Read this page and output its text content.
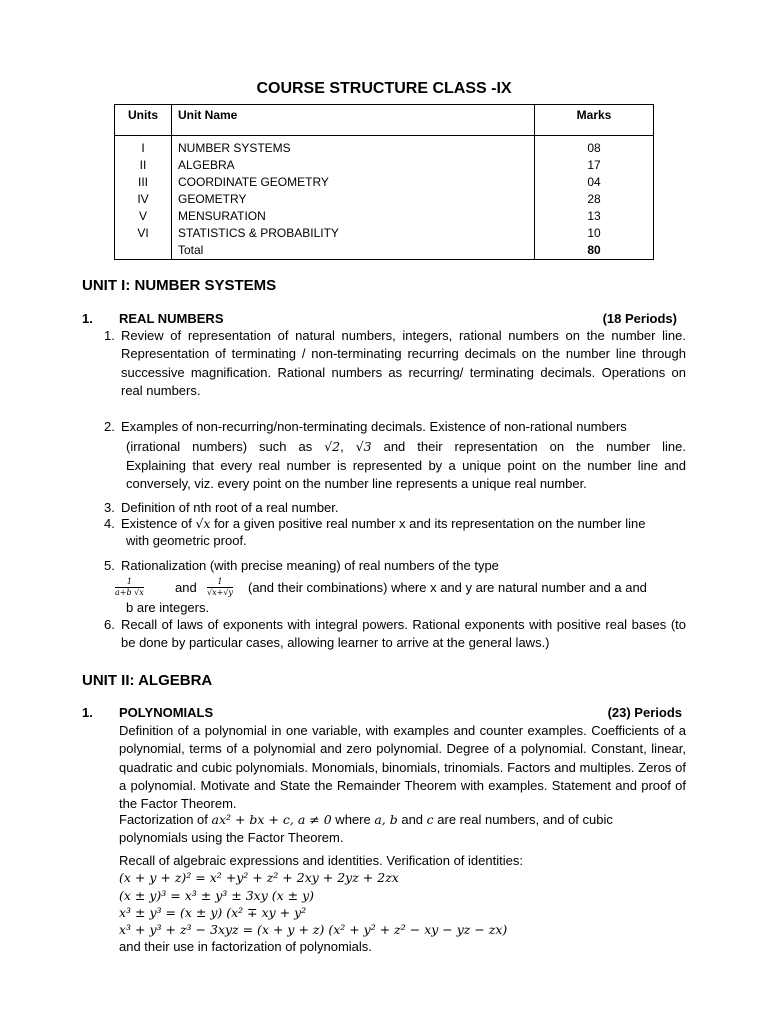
COURSE STRUCTURE CLASS -IX
Units	Unit Name	Marks
I	NUMBER SYSTEMS	08
II	ALGEBRA	17
III	COORDINATE GEOMETRY	04
IV	GEOMETRY	28
V	MENSURATION	13
VI	STATISTICS & PROBABILITY	10
	Total	80
UNIT I: NUMBER SYSTEMS
1. REAL NUMBERS	(18 Periods)
1. Review of representation of natural numbers, integers, rational numbers on the number line. Representation of terminating / non-terminating recurring decimals on the number line through successive magnification. Rational numbers as recurring/ terminating decimals. Operations on real numbers.
2. Examples of non-recurring/non-terminating decimals. Existence of non-rational numbers
(irrational numbers) such as √2, √3 and their representation on the number line.
Explaining that every real number is represented by a unique point on the number line and conversely, viz. every point on the number line represents a unique real number.
3. Definition of nth root of a real number.
4. Existence of √x for a given positive real number x and its representation on the number line
with geometric proof.
5. Rationalization (with precise meaning) of real numbers of the type
$\frac{1}{a+b √x}$ and $\frac{1}{√x+√y} (and$ their combinations) where x and y are natural number and a and
b are integers.
6. Recall of laws of exponents with integral powers. Rational exponents with positive real bases (to be done by particular cases, allowing learner to arrive at the general laws.)
UNIT II: ALGEBRA
1. POLYNOMIALS	(23) Periods
Definition of a polynomial in one variable, with examples and counter examples. Coefficients of a polynomial, terms of a polynomial and zero polynomial. Degree of a polynomial. Constant, linear, quadratic and cubic polynomials. Monomials, binomials, trinomials. Factors and multiples. Zeros of a polynomial. Motivate and State the Remainder Theorem with examples. Statement and proof of the Factor Theorem.
Factorization of ax² + bx + c, a ≠ 0 where a, b and c are real numbers, and of cubic
polynomials using the Factor Theorem.
Recall of algebraic expressions and identities. Verification of identities:
(x + y + z)² = x² +y² + z² + 2xy + 2yz + 2zx
(x ± y)³ = x³ ± y³ ± 3xy (x ± y)
x³ ± y³ = (x ± y) (x² ∓ xy + y²
x³ + y³ + z³ − 3xyz = (x + y + z) (x² + y² + z² − xy − yz − zx)
and their use in factorization of polynomials.
